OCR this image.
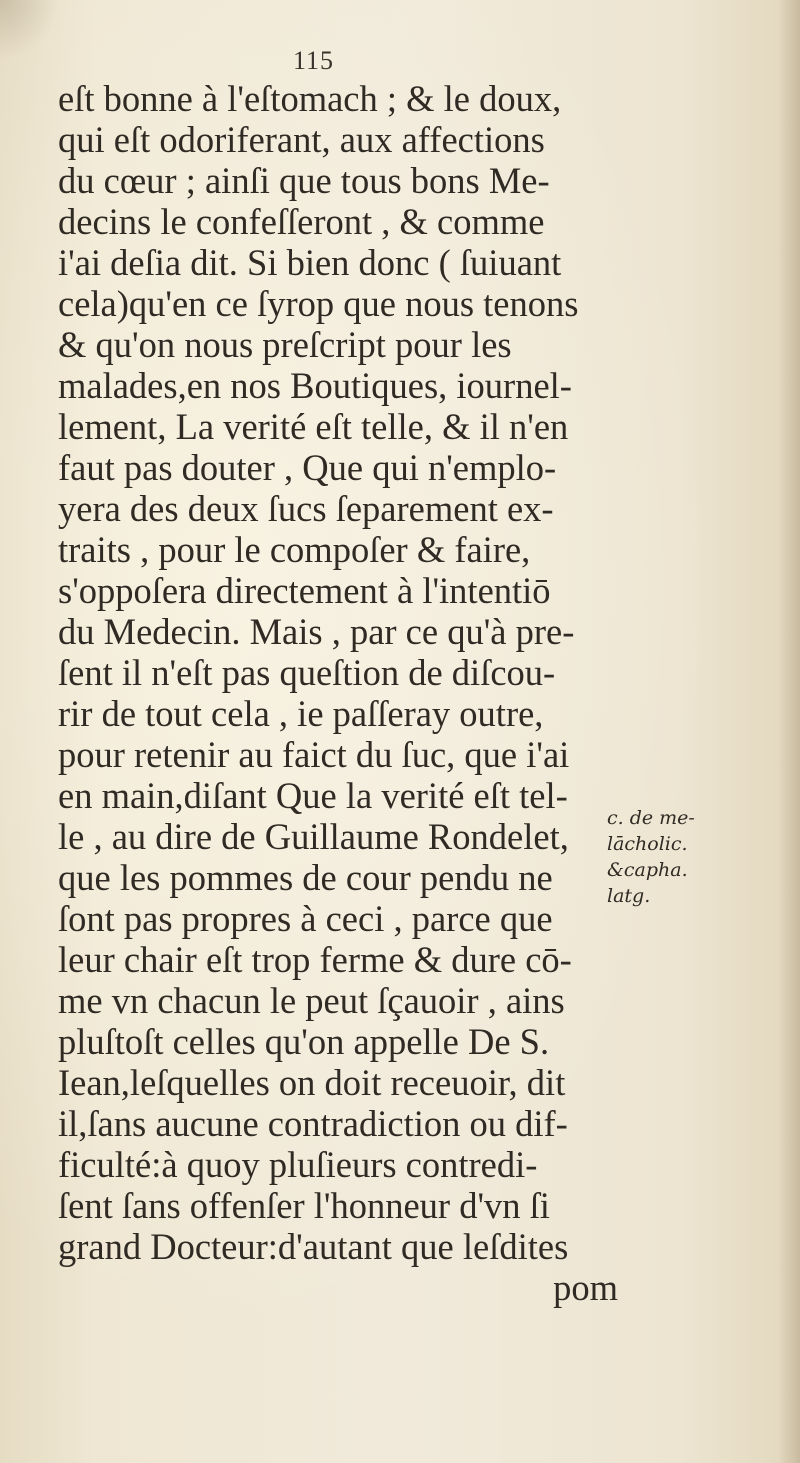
115
eſt bonne à l'eſtomach ; & le doux,
qui eſt odoriferant, aux affections
du cœur ; ainſi que tous bons Me-
decins le confeſſeront , & comme
i'ai deſia dit. Si bien donc ( ſuiuant
cela)qu'en ce ſyrop que nous tenons
& qu'on nous preſcript pour les
malades,en nos Boutiques, iournel-
lement, La verité eſt telle, & il n'en
faut pas douter , Que qui n'emplo-
yera des deux ſucs ſeparement ex-
traits , pour le compoſer & faire,
s'oppoſera directement à l'intentiō
du Medecin. Mais , par ce qu'à pre-
ſent il n'eſt pas queſtion de diſcou-
rir de tout cela , ie paſſeray outre,
pour retenir au faict du ſuc, que i'ai
en main,diſant Que la verité eſt tel-
le , au dire de Guillaume Rondelet,
que les pommes de cour pendu ne
ſont pas propres à ceci , parce que
leur chair eſt trop ferme & dure cō-
me vn chacun le peut ſçauoir , ains
pluſtoſt celles qu'on appelle De S.
Iean,leſquelles on doit receuoir, dit
il,ſans aucune contradiction ou dif-
ficulté:à quoy pluſieurs contredi-
ſent ſans offenſer l'honneur d'vn ſi
grand Docteur:d'autant que leſdites
pom
c. de me-
lācholic.
&capha.
latg.
